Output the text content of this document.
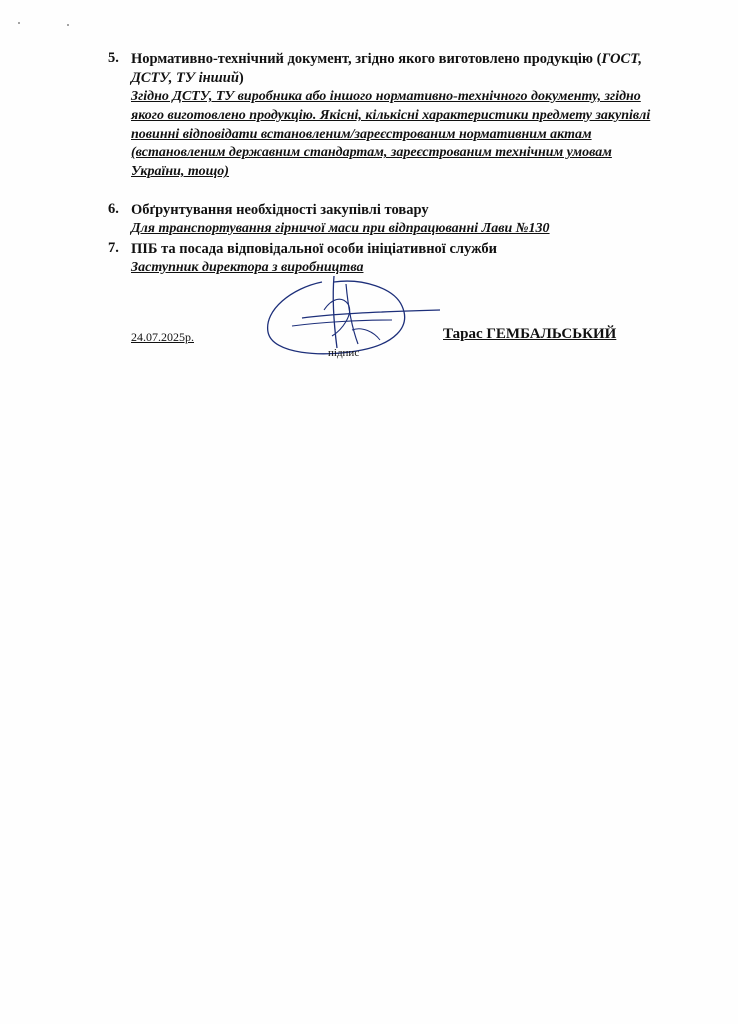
5. Нормативно-технічний документ, згідно якого виготовлено продукцію (ГОСТ, ДСТУ, ТУ інший)

Згідно ДСТУ, ТУ виробника або іншого нормативно-технічного документу, згідно якого виготовлено продукцію. Якісні, кількісні характеристики предмету закупівлі повинні відповідати встановленим/зареєстрованим нормативним актам (встановленим державним стандартам, зареєстрованим технічним умовам України, тощо)

6. Обґрунтування необхідності закупівлі товару

Для транспортування гірничої маси при відпрацюванні Лави №130

7. ПІБ та посада відповідальної особи ініціативної служби

Заступник директора з виробництва

24.07.2025р.
підпис
Тарас ГЕМБАЛЬСЬКИЙ
